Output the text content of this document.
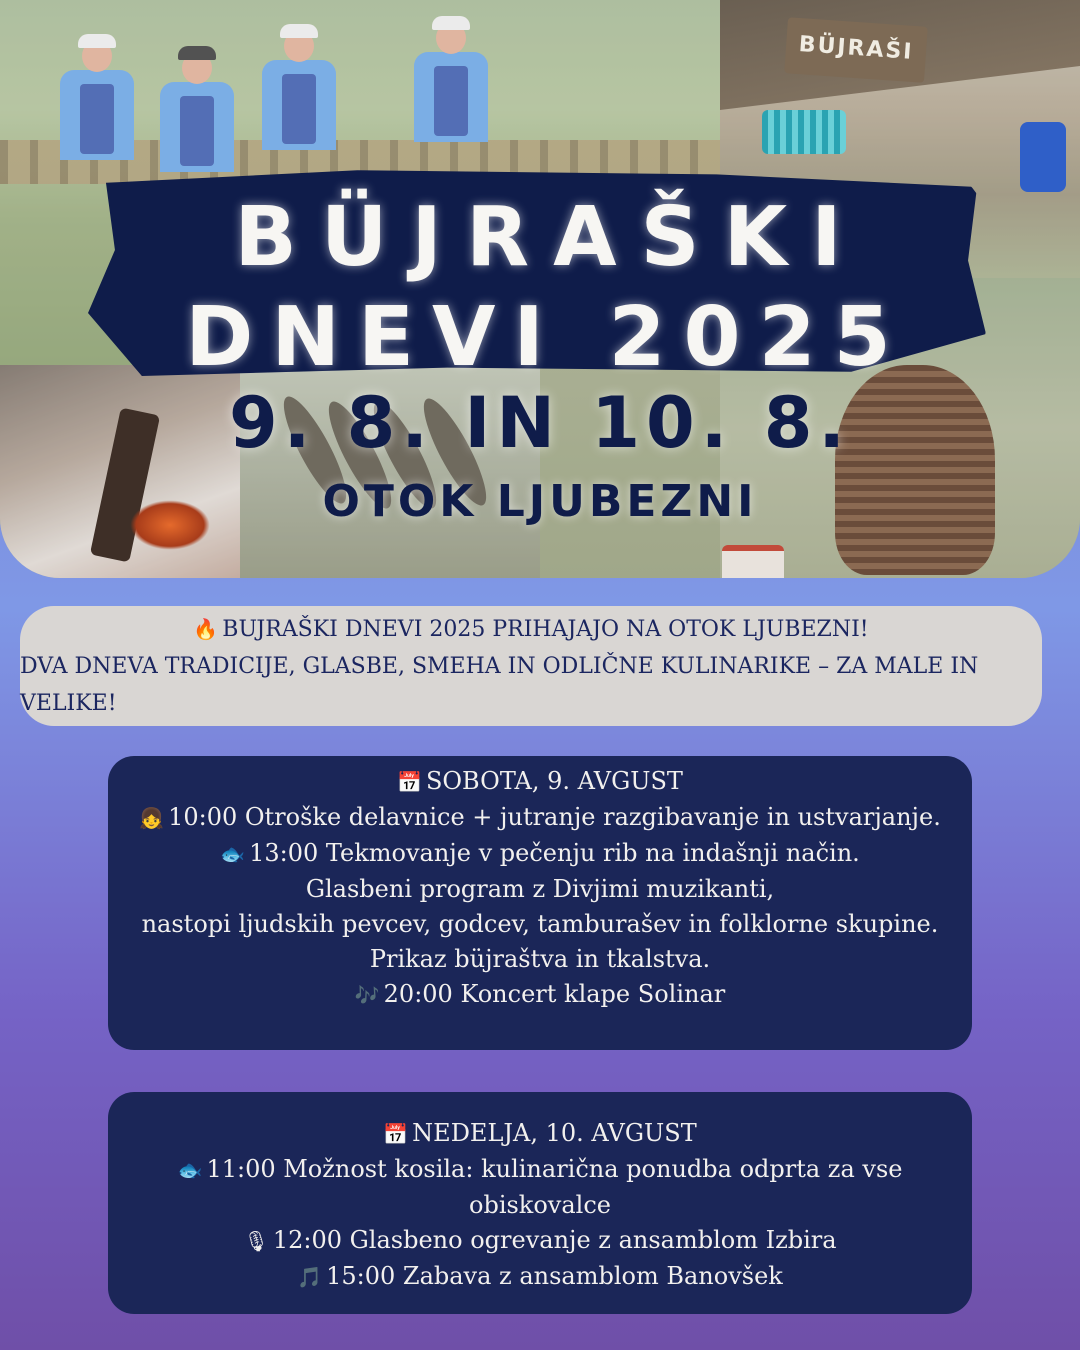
BÜJRAŠI
BÜJRAŠKI
DNEVI 2025
9. 8. IN 10. 8.
OTOK LJUBEZNI
🔥 BUJRAŠKI DNEVI 2025 PRIHAJAJO NA OTOK LJUBEZNI!
DVA DNEVA TRADICIJE, GLASBE, SMEHA IN ODLIČNE KULINARIKE – ZA MALE IN VELIKE!
📅 SOBOTA, 9. AVGUST
👧 10:00 Otroške delavnice + jutranje razgibavanje in ustvarjanje.
🐟 13:00 Tekmovanje v pečenju rib na indašnji način.
Glasbeni program z Divjimi muzikanti,
nastopi ljudskih pevcev, godcev, tamburašev in folklorne skupine.
Prikaz büjraštva in tkalstva.
🎶 20:00 Koncert klape Solinar
📅 NEDELJA, 10. AVGUST
🐟 11:00 Možnost kosila: kulinarična ponudba odprta za vse obiskovalce
🎙 12:00 Glasbeno ogrevanje z ansamblom Izbira
🎵 15:00 Zabava z ansamblom Banovšek
